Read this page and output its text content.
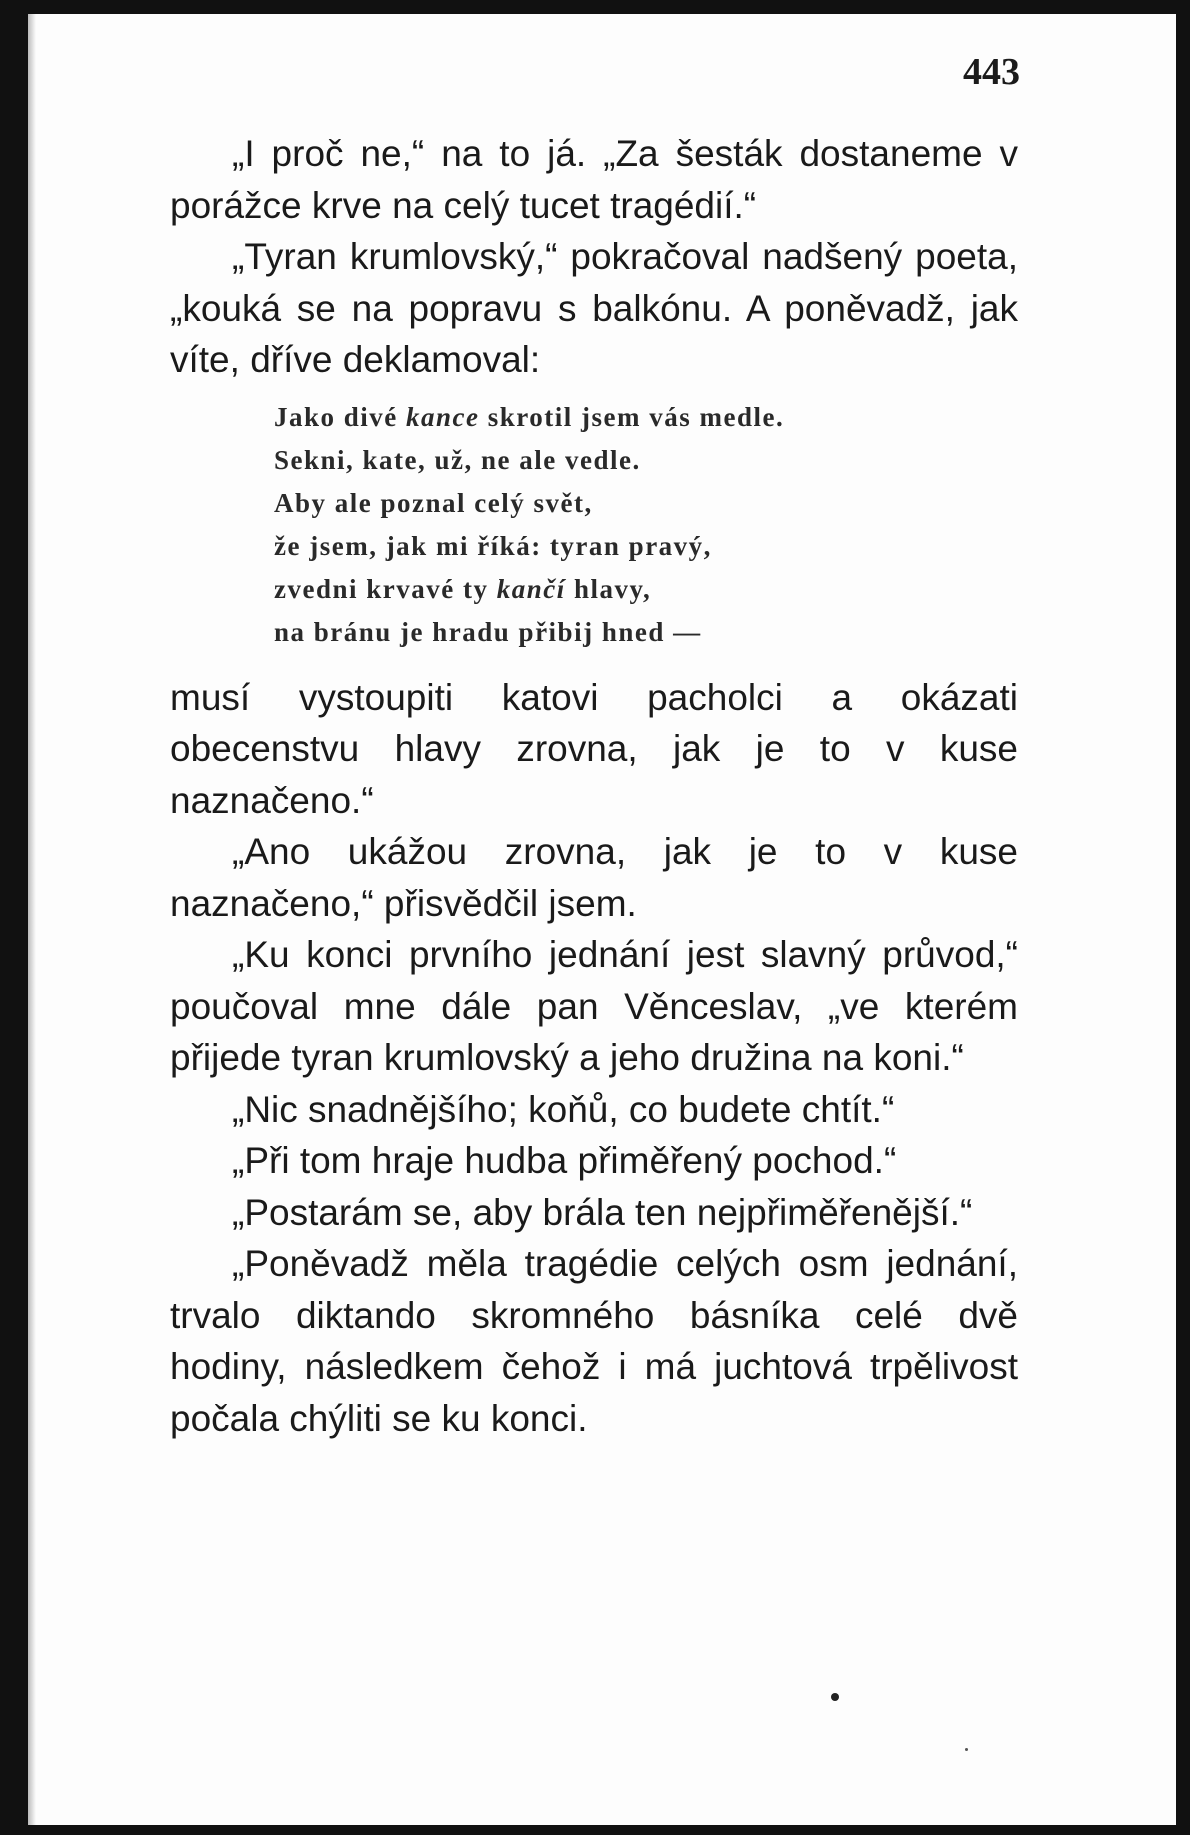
443

„I proč ne,“ na to já. „Za šesták dostaneme v porážce krve na celý tucet tragédií.“

„Tyran krumlovský,“ pokračoval nadšený poeta, „kouká se na popravu s balkónu. A poněvadž, jak víte, dříve deklamoval:

Jako divé kance skrotil jsem vás medle.
Sekni, kate, už, ne ale vedle.
Aby ale poznal celý svět,
že jsem, jak mi říká: tyran pravý,
zvedni krvavé ty kančí hlavy,
na bránu je hradu přibij hned —

musí vystoupiti katovi pacholci a okázati obecenstvu hlavy zrovna, jak je to v kuse naznačeno.“

„Ano ukážou zrovna, jak je to v kuse naznačeno,“ přisvědčil jsem.

„Ku konci prvního jednání jest slavný průvod,“ poučoval mne dále pan Věnceslav, „ve kterém přijede tyran krumlovský a jeho družina na koni.“

„Nic snadnějšího; koňů, co budete chtít.“

„Při tom hraje hudba přiměřený pochod.“

„Postarám se, aby brála ten nejpřiměřenější.“

„Poněvadž měla tragédie celých osm jednání, trvalo diktando skromného básníka celé dvě hodiny, následkem čehož i má juchtová trpělivost počala chýliti se ku konci.
